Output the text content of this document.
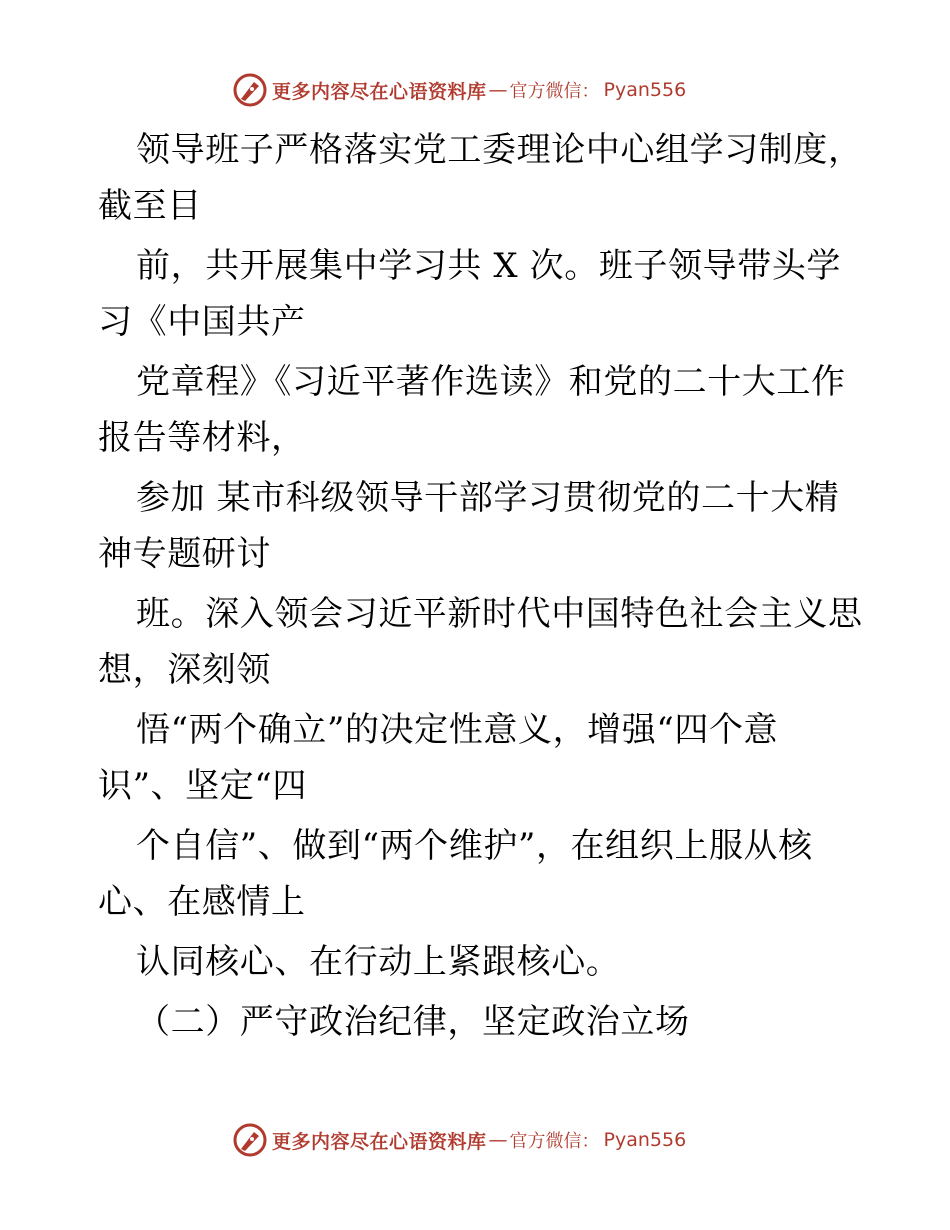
更多内容尽在心语资料库 — 官方微信： Pyan556
领导班子严格落实党工委理论中心组学习制度，
截至目
前，共开展集中学习共 X 次。班子领导带头学
习《中国共产
党章程》《习近平著作选读》和党的二十大工作
报告等材料，
参加 某市科级领导干部学习贯彻党的二十大精
神专题研讨
班。深入领会习近平新时代中国特色社会主义思
想，深刻领
悟“两个确立”的决定性意义，增强“四个意
识”、坚定“四
个自信”、做到“两个维护”，在组织上服从核
心、在感情上
认同核心、在行动上紧跟核心。
（二）严守政治纪律，坚定政治立场
更多内容尽在心语资料库 — 官方微信： Pyan556
